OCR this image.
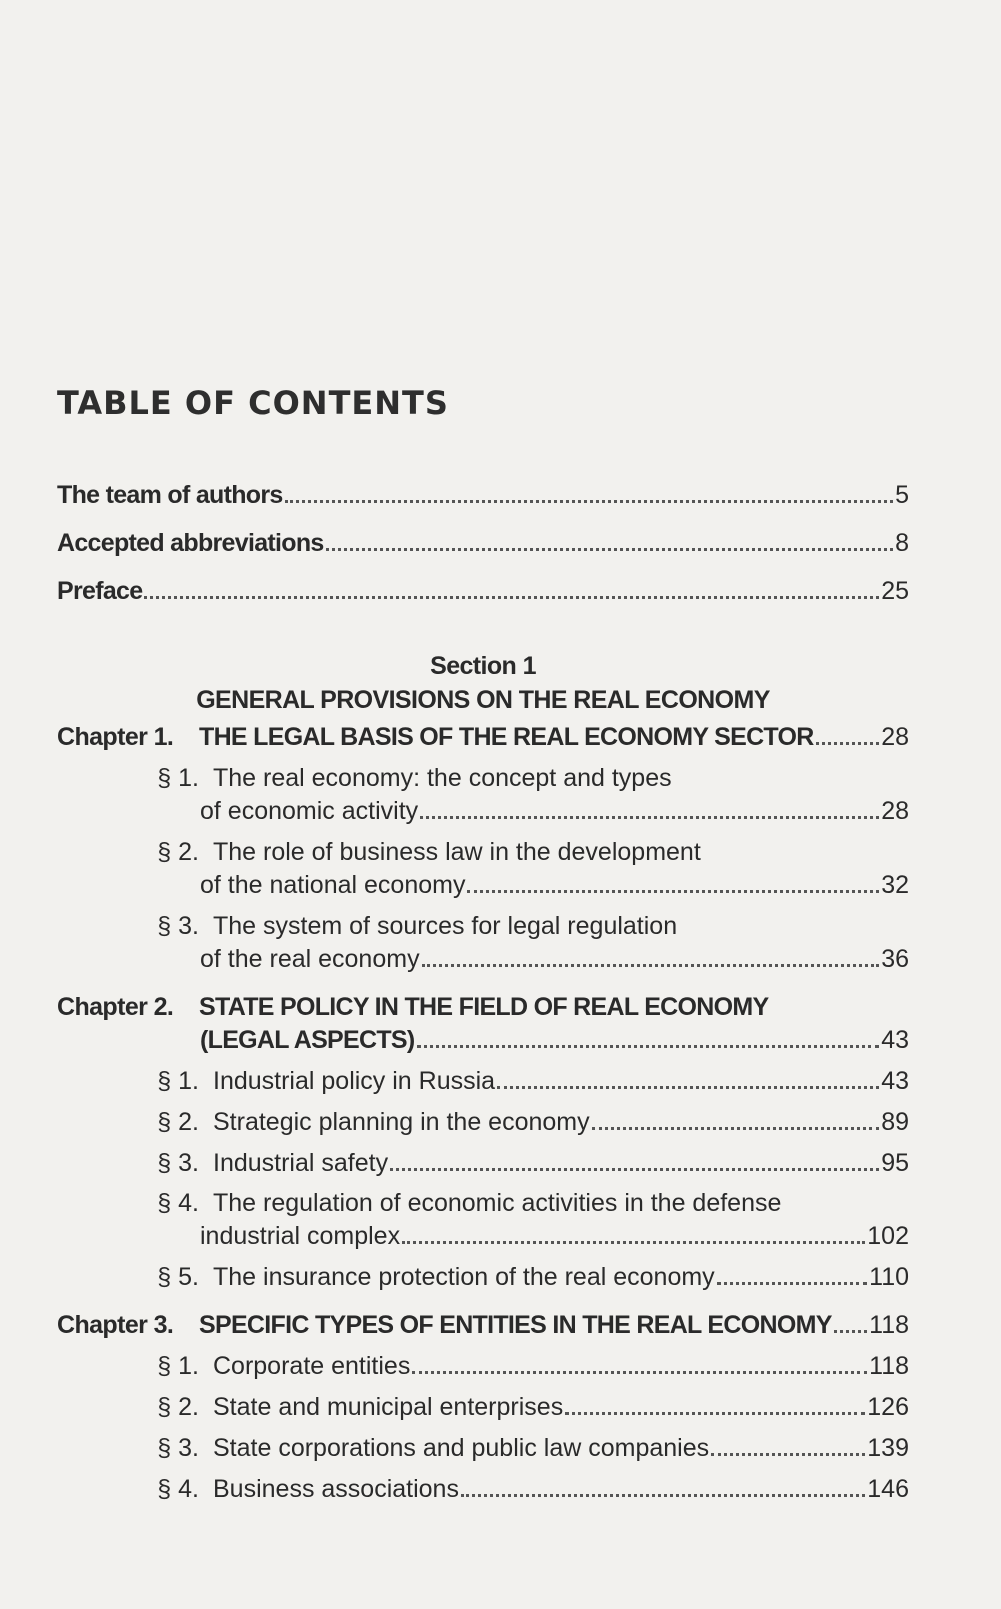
TABLE OF CONTENTS
The team of authors	5
Accepted abbreviations	8
Preface	25
Section 1
GENERAL PROVISIONS ON THE REAL ECONOMY
Chapter 1.	THE LEGAL BASIS OF THE REAL ECONOMY SECTOR	28
§ 1. The real economy: the concept and types
of economic activity	28
§ 2. The role of business law in the development
of the national economy	32
§ 3. The system of sources for legal regulation
of the real economy	36
Chapter 2.	STATE POLICY IN THE FIELD OF REAL ECONOMY
(LEGAL ASPECTS)	43
§ 1. Industrial policy in Russia	43
§ 2. Strategic planning in the economy	89
§ 3. Industrial safety	95
§ 4. The regulation of economic activities in the defense
industrial complex	102
§ 5. The insurance protection of the real economy	110
Chapter 3.	SPECIFIC TYPES OF ENTITIES IN THE REAL ECONOMY 118
§ 1. Corporate entities	118
§ 2. State and municipal enterprises	126
§ 3. State corporations and public law companies	139
§ 4. Business associations	146
